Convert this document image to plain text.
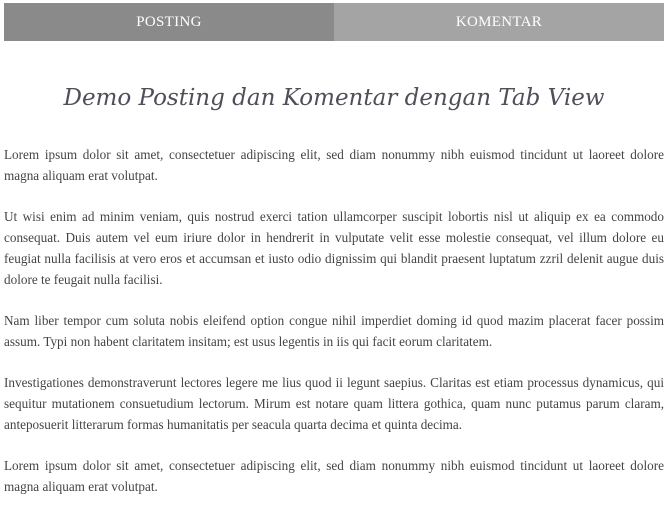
POSTING	KOMENTAR
Demo Posting dan Komentar dengan Tab View

Lorem ipsum dolor sit amet, consectetuer adipiscing elit, sed diam nonummy nibh euismod tincidunt ut laoreet dolore magna aliquam erat volutpat.

Ut wisi enim ad minim veniam, quis nostrud exerci tation ullamcorper suscipit lobortis nisl ut aliquip ex ea commodo consequat. Duis autem vel eum iriure dolor in hendrerit in vulputate velit esse molestie consequat, vel illum dolore eu feugiat nulla facilisis at vero eros et accumsan et iusto odio dignissim qui blandit praesent luptatum zzril delenit augue duis dolore te feugait nulla facilisi.

Nam liber tempor cum soluta nobis eleifend option congue nihil imperdiet doming id quod mazim placerat facer possim assum. Typi non habent claritatem insitam; est usus legentis in iis qui facit eorum claritatem.

Investigationes demonstraverunt lectores legere me lius quod ii legunt saepius. Claritas est etiam processus dynamicus, qui sequitur mutationem consuetudium lectorum. Mirum est notare quam littera gothica, quam nunc putamus parum claram, anteposuerit litterarum formas humanitatis per seacula quarta decima et quinta decima.

Lorem ipsum dolor sit amet, consectetuer adipiscing elit, sed diam nonummy nibh euismod tincidunt ut laoreet dolore magna aliquam erat volutpat.
